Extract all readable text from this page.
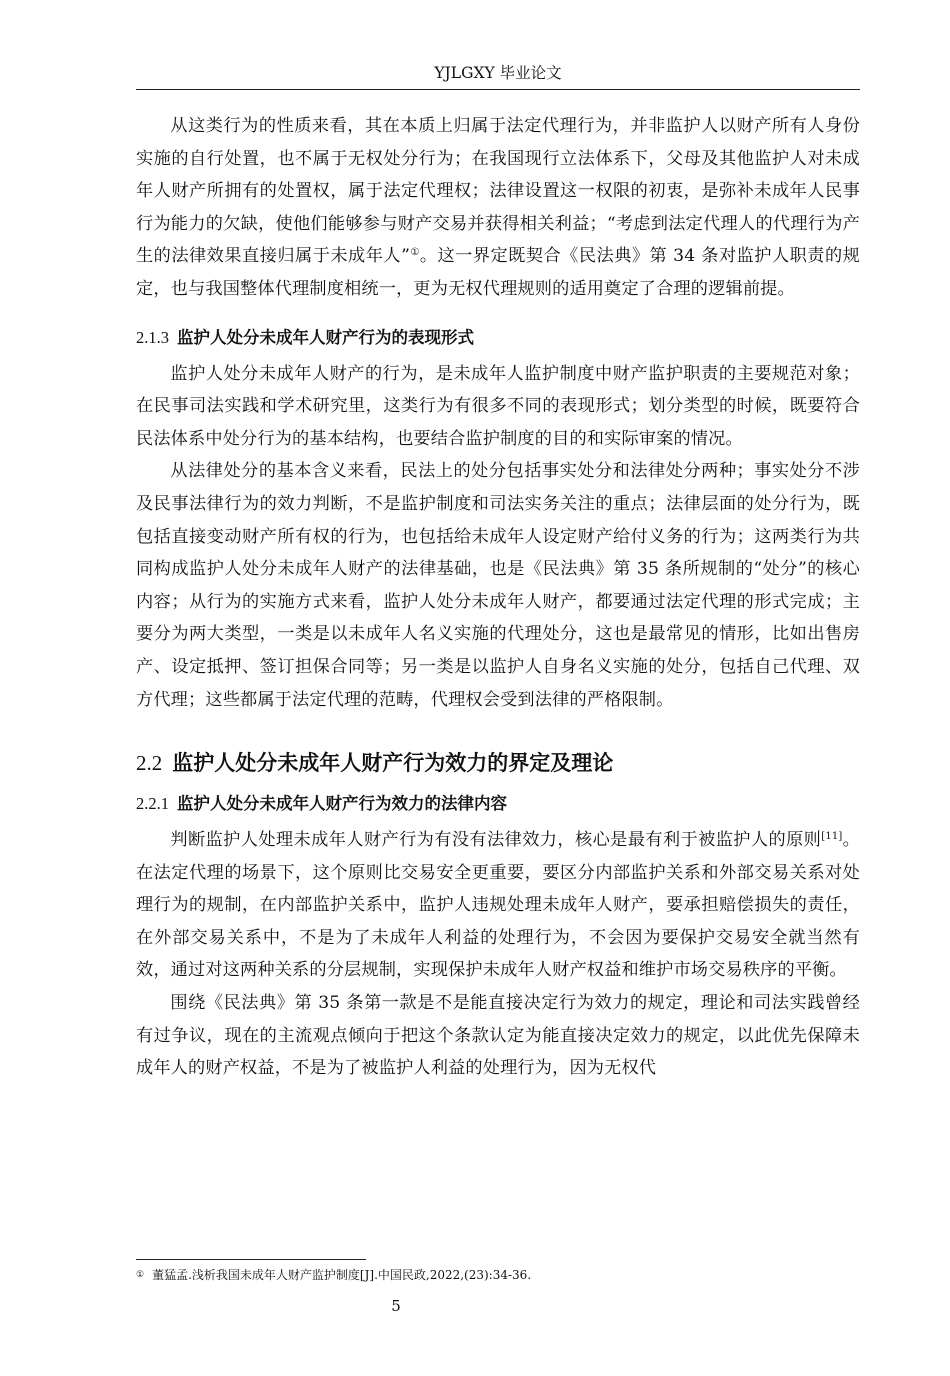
YJLGXY 毕业论文

从这类行为的性质来看，其在本质上归属于法定代理行为，并非监护人以财产所有人身份实施的自行处置，也不属于无权处分行为；在我国现行立法体系下，父母及其他监护人对未成年人财产所拥有的处置权，属于法定代理权；法律设置这一权限的初衷，是弥补未成年人民事行为能力的欠缺，使他们能够参与财产交易并获得相关利益；“考虑到法定代理人的代理行为产生的法律效果直接归属于未成年人”①。这一界定既契合《民法典》第 34 条对监护人职责的规定，也与我国整体代理制度相统一，更为无权代理规则的适用奠定了合理的逻辑前提。

2.1.3 监护人处分未成年人财产行为的表现形式

监护人处分未成年人财产的行为，是未成年人监护制度中财产监护职责的主要规范对象；在民事司法实践和学术研究里，这类行为有很多不同的表现形式；划分类型的时候，既要符合民法体系中处分行为的基本结构，也要结合监护制度的目的和实际审案的情况。

从法律处分的基本含义来看，民法上的处分包括事实处分和法律处分两种；事实处分不涉及民事法律行为的效力判断，不是监护制度和司法实务关注的重点；法律层面的处分行为，既包括直接变动财产所有权的行为，也包括给未成年人设定财产给付义务的行为；这两类行为共同构成监护人处分未成年人财产的法律基础，也是《民法典》第 35 条所规制的“处分”的核心内容；从行为的实施方式来看，监护人处分未成年人财产，都要通过法定代理的形式完成；主要分为两大类型，一类是以未成年人名义实施的代理处分，这也是最常见的情形，比如出售房产、设定抵押、签订担保合同等；另一类是以监护人自身名义实施的处分，包括自己代理、双方代理；这些都属于法定代理的范畴，代理权会受到法律的严格限制。

2.2 监护人处分未成年人财产行为效力的界定及理论
2.2.1 监护人处分未成年人财产行为效力的法律内容

判断监护人处理未成年人财产行为有没有法律效力，核心是最有利于被监护人的原则[11]。在法定代理的场景下，这个原则比交易安全更重要，要区分内部监护关系和外部交易关系对处理行为的规制，在内部监护关系中，监护人违规处理未成年人财产，要承担赔偿损失的责任，在外部交易关系中，不是为了未成年人利益的处理行为，不会因为要保护交易安全就当然有效，通过对这两种关系的分层规制，实现保护未成年人财产权益和维护市场交易秩序的平衡。

围绕《民法典》第 35 条第一款是不是能直接决定行为效力的规定，理论和司法实践曾经有过争议，现在的主流观点倾向于把这个条款认定为能直接决定效力的规定，以此优先保障未成年人的财产权益，不是为了被监护人利益的处理行为，因为无权代

① 董猛孟.浅析我国未成年人财产监护制度[J].中国民政,2022,(23):34-36.
5
